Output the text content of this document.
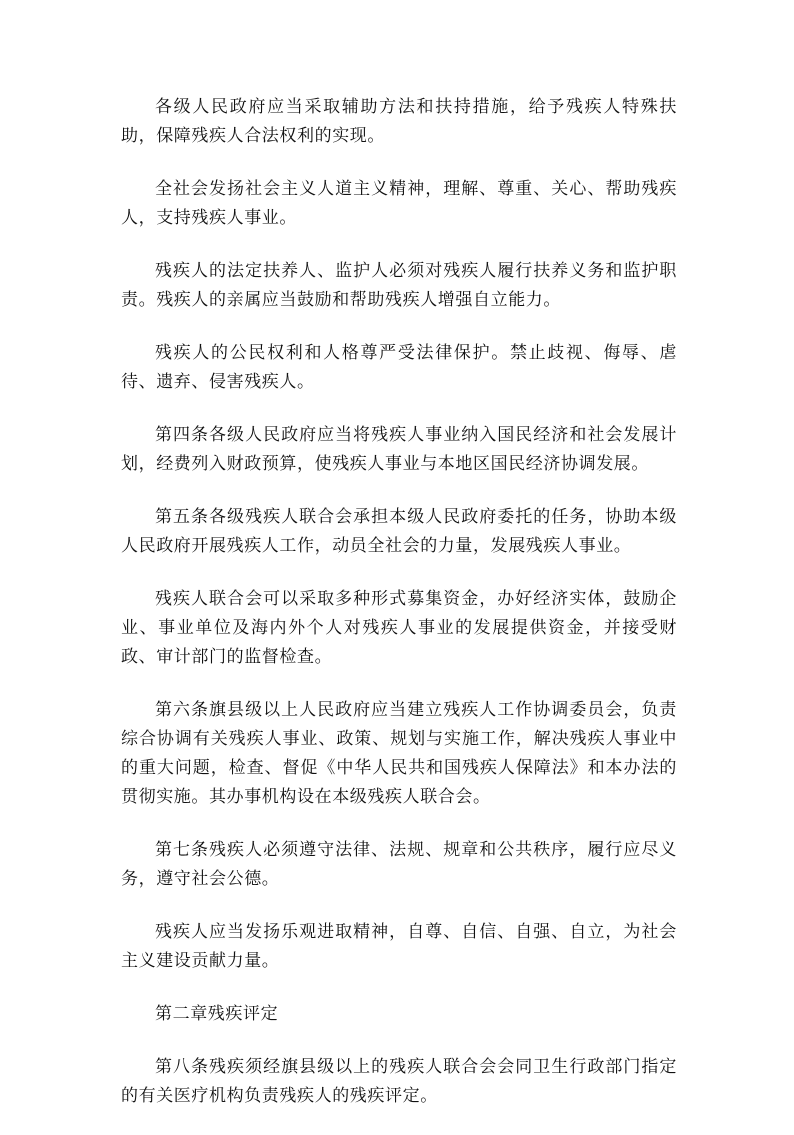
各级人民政府应当采取辅助方法和扶持措施，给予残疾人特殊扶助，保障残疾人合法权利的实现。

全社会发扬社会主义人道主义精神，理解、尊重、关心、帮助残疾人，支持残疾人事业。

残疾人的法定扶养人、监护人必须对残疾人履行扶养义务和监护职责。残疾人的亲属应当鼓励和帮助残疾人增强自立能力。

残疾人的公民权利和人格尊严受法律保护。禁止歧视、侮辱、虐待、遗弃、侵害残疾人。

第四条各级人民政府应当将残疾人事业纳入国民经济和社会发展计划，经费列入财政预算，使残疾人事业与本地区国民经济协调发展。

第五条各级残疾人联合会承担本级人民政府委托的任务，协助本级人民政府开展残疾人工作，动员全社会的力量，发展残疾人事业。

残疾人联合会可以采取多种形式募集资金，办好经济实体，鼓励企业、事业单位及海内外个人对残疾人事业的发展提供资金，并接受财政、审计部门的监督检查。

第六条旗县级以上人民政府应当建立残疾人工作协调委员会，负责综合协调有关残疾人事业、政策、规划与实施工作，解决残疾人事业中的重大问题，检查、督促《中华人民共和国残疾人保障法》和本办法的贯彻实施。其办事机构设在本级残疾人联合会。

第七条残疾人必须遵守法律、法规、规章和公共秩序，履行应尽义务，遵守社会公德。

残疾人应当发扬乐观进取精神，自尊、自信、自强、自立，为社会主义建设贡献力量。

第二章残疾评定

第八条残疾须经旗县级以上的残疾人联合会会同卫生行政部门指定的有关医疗机构负责残疾人的残疾评定。
